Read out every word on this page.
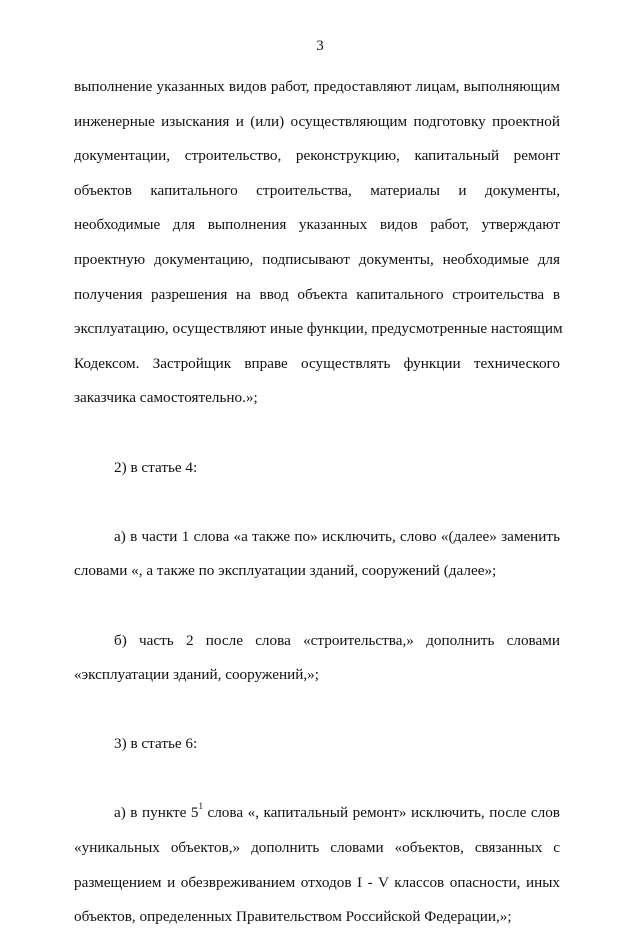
3
выполнение указанных видов работ, предоставляют лицам, выполняющим
инженерные изыскания и (или) осуществляющим подготовку проектной
документации, строительство, реконструкцию, капитальный ремонт
объектов капитального строительства, материалы и документы,
необходимые для выполнения указанных видов работ, утверждают
проектную документацию, подписывают документы, необходимые для
получения разрешения на ввод объекта капитального строительства в
эксплуатацию, осуществляют иные функции, предусмотренные настоящим
Кодексом. Застройщик вправе осуществлять функции технического
заказчика самостоятельно.»;
2) в статье 4:
а) в части 1 слова «а также по» исключить, слово «(далее» заменить
словами «, а также по эксплуатации зданий, сооружений (далее»;
б) часть 2 после слова «строительства,» дополнить словами
«эксплуатации зданий, сооружений,»;
3) в статье 6:
а) в пункте $5^1$ слова «, капитальный ремонт» исключить, после слов
«уникальных объектов,» дополнить словами «объектов, связанных с
размещением и обезвреживанием отходов I - V классов опасности, иных
объектов, определенных Правительством Российской Федерации,»;
